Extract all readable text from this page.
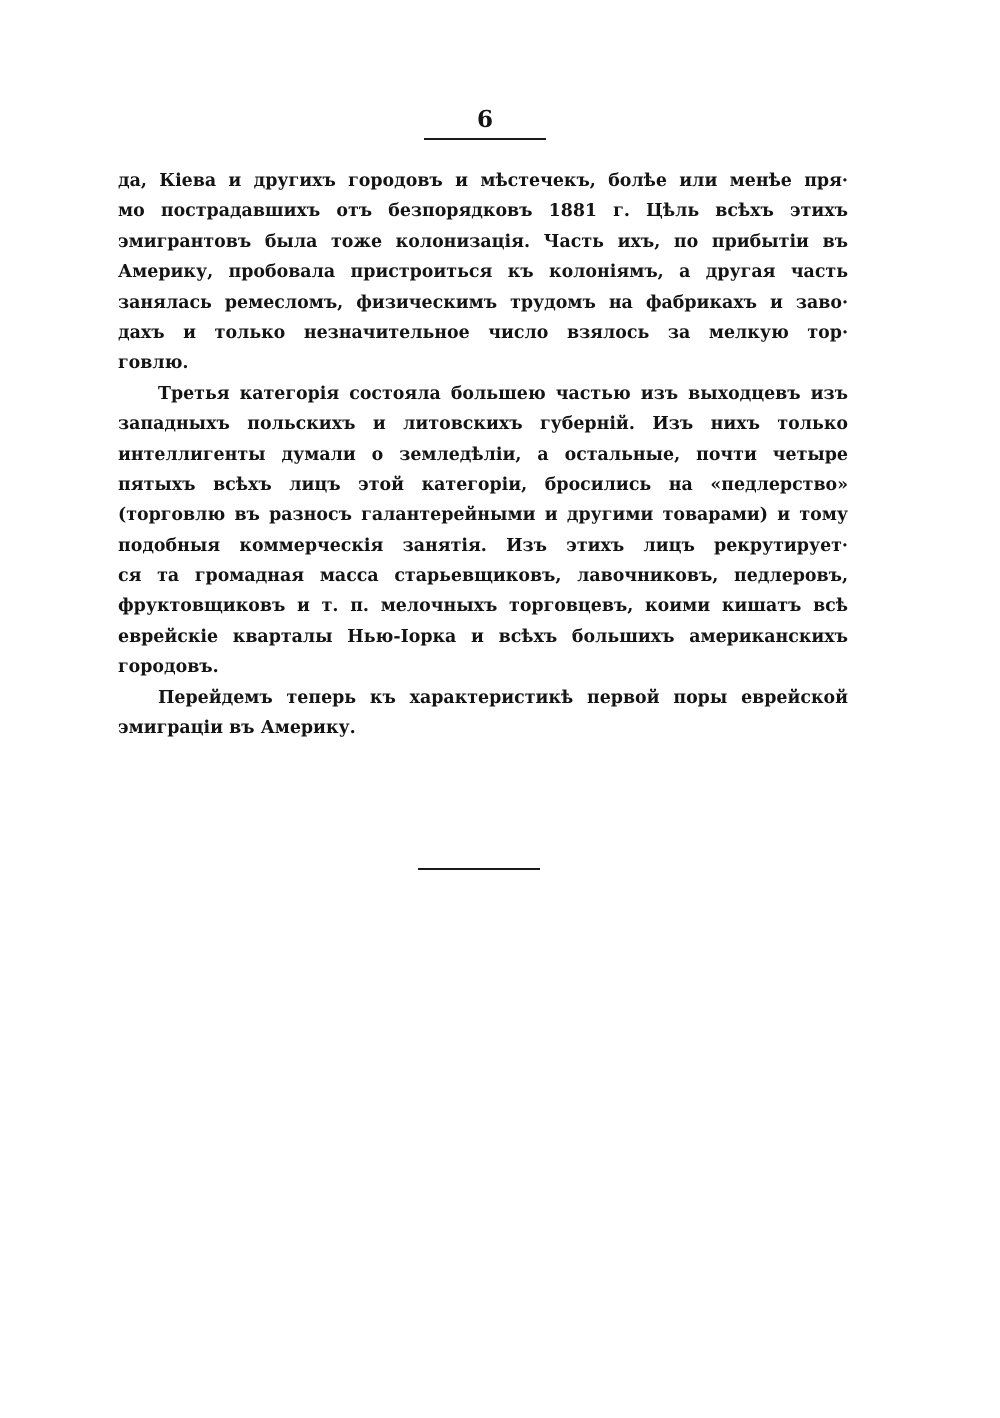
6
да, Кіева и другихъ городовъ и мѣстечекъ, болѣе или менѣе пря·
мо пострадавшихъ отъ безпорядковъ 1881 г. Цѣль всѣхъ этихъ
эмигрантовъ была тоже колонизація. Часть ихъ, по прибытіи въ
Америку, пробовала пристроиться къ колоніямъ, а другая часть
занялась ремесломъ, физическимъ трудомъ на фабрикахъ и заво·
дахъ и только незначительное число взялось за мелкую тор·
говлю.
Третья категорія состояла большею частью изъ выходцевъ изъ
западныхъ польскихъ и литовскихъ губерній. Изъ нихъ только
интеллигенты думали о земледѣліи, а остальные, почти четыре
пятыхъ всѣхъ лицъ этой категоріи, бросились на «педлерство»
(торговлю въ разносъ галантерейными и другими товарами) и тому
подобныя коммерческія занятія. Изъ этихъ лицъ рекрутирует·
ся та громадная масса старьевщиковъ, лавочниковъ, педлеровъ,
фруктовщиковъ и т. п. мелочныхъ торговцевъ, коими кишатъ всѣ
еврейскіе кварталы Нью-Іорка и всѣхъ большихъ американскихъ
городовъ.
Перейдемъ теперь къ характеристикѣ первой поры еврейской
эмиграціи въ Америку.
